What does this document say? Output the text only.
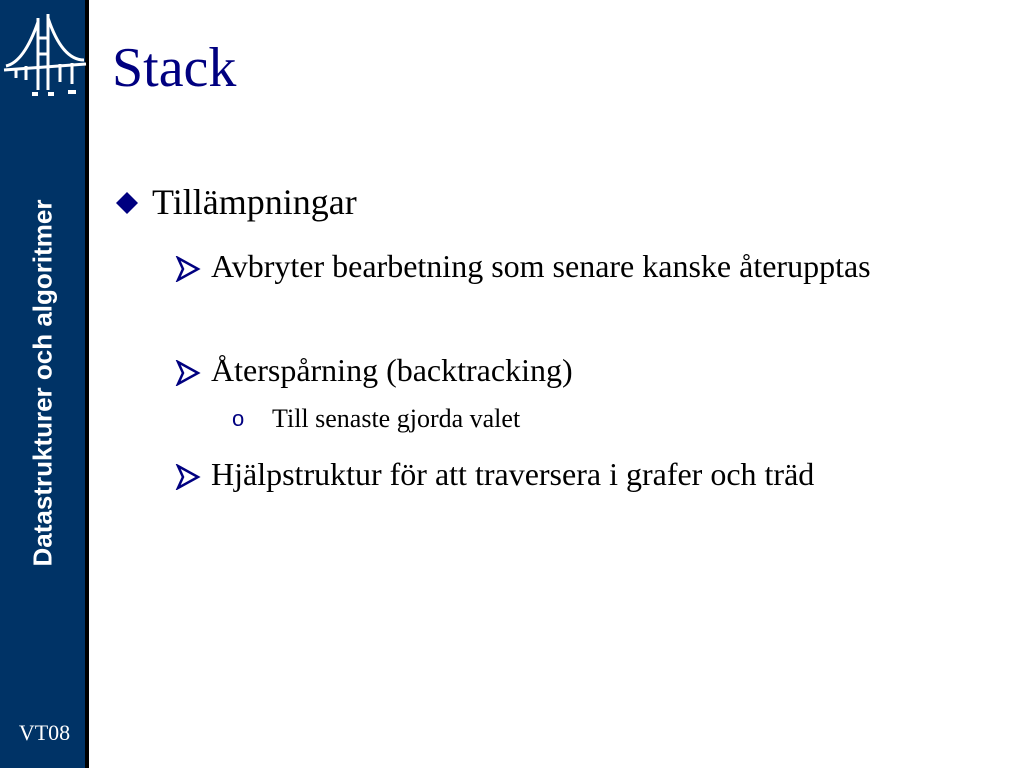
Datastrukturer och algoritmer
VT08
Stack
Tillämpningar
Avbryter bearbetning som senare kanske återupptas
Återspårning (backtracking)
o Till senaste gjorda valet
Hjälpstruktur för att traversera i grafer och träd
